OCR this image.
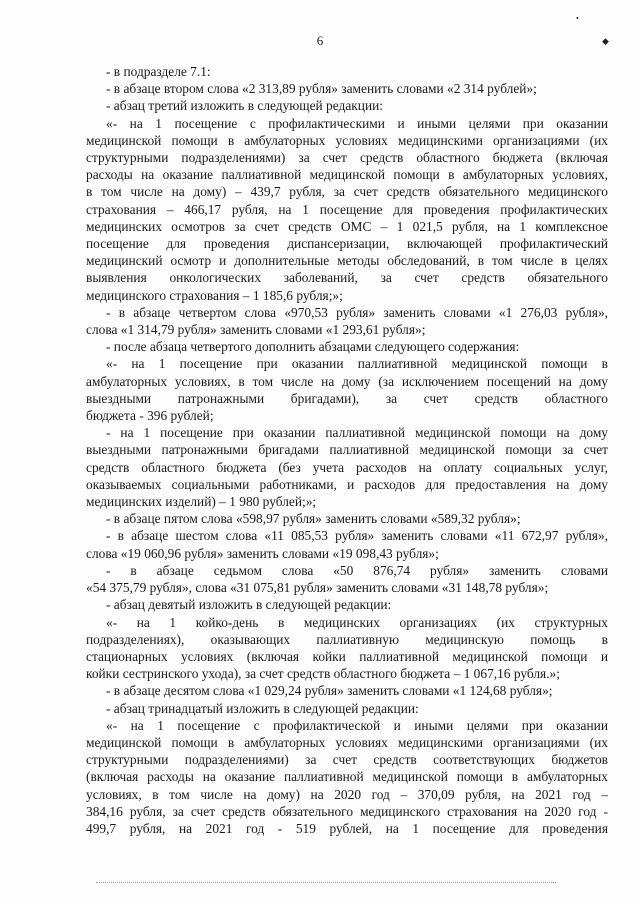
•
◆
6
- в подразделе 7.1:
- в абзаце втором слова «2 313,89 рубля» заменить словами «2 314 рублей»;
- абзац третий изложить в следующей редакции:
«- на 1 посещение с профилактическими и иными целями при оказании
медицинской помощи в амбулаторных условиях медицинскими организациями (их
структурными подразделениями) за счет средств областного бюджета (включая
расходы на оказание паллиативной медицинской помощи в амбулаторных условиях,
в том числе на дому) – 439,7 рубля, за счет средств обязательного медицинского
страхования – 466,17 рубля, на 1 посещение для проведения профилактических
медицинских осмотров за счет средств ОМС – 1 021,5 рубля, на 1 комплексное
посещение для проведения диспансеризации, включающей профилактический
медицинский осмотр и дополнительные методы обследований, в том числе в целях
выявления онкологических заболеваний, за счет средств обязательного
медицинского страхования – 1 185,6 рубля;»;
- в абзаце четвертом слова «970,53 рубля» заменить словами «1 276,03 рубля»,
слова «1 314,79 рубля» заменить словами «1 293,61 рубля»;
- после абзаца четвертого дополнить абзацами следующего содержания:
«- на 1 посещение при оказании паллиативной медицинской помощи в
амбулаторных условиях, в том числе на дому (за исключением посещений на дому
выездными патронажными бригадами), за счет средств областного
бюджета - 396 рублей;
- на 1 посещение при оказании паллиативной медицинской помощи на дому
выездными патронажными бригадами паллиативной медицинской помощи за счет
средств областного бюджета (без учета расходов на оплату социальных услуг,
оказываемых социальными работниками, и расходов для предоставления на дому
медицинских изделий) – 1 980 рублей;»;
- в абзаце пятом слова «598,97 рубля» заменить словами «589,32 рубля»;
- в абзаце шестом слова «11 085,53 рубля» заменить словами «11 672,97 рубля»,
слова «19 060,96 рубля» заменить словами «19 098,43 рубля»;
- в абзаце седьмом слова «50 876,74 рубля» заменить словами
«54 375,79 рубля», слова «31 075,81 рубля» заменить словами «31 148,78 рубля»;
- абзац девятый изложить в следующей редакции:
«- на 1 койко-день в медицинских организациях (их структурных
подразделениях), оказывающих паллиативную медицинскую помощь в
стационарных условиях (включая койки паллиативной медицинской помощи и
койки сестринского ухода), за счет средств областного бюджета – 1 067,16 рубля.»;
- в абзаце десятом слова «1 029,24 рубля» заменить словами «1 124,68 рубля»;
- абзац тринадцатый изложить в следующей редакции:
«- на 1 посещение с профилактической и иными целями при оказании
медицинской помощи в амбулаторных условиях медицинскими организациями (их
структурными подразделениями) за счет средств соответствующих бюджетов
(включая расходы на оказание паллиативной медицинской помощи в амбулаторных
условиях, в том числе на дому) на 2020 год – 370,09 рубля, на 2021 год –
384,16 рубля, за счет средств обязательного медицинского страхования на 2020 год -
499,7 рубля, на 2021 год - 519 рублей, на 1 посещение для проведения
